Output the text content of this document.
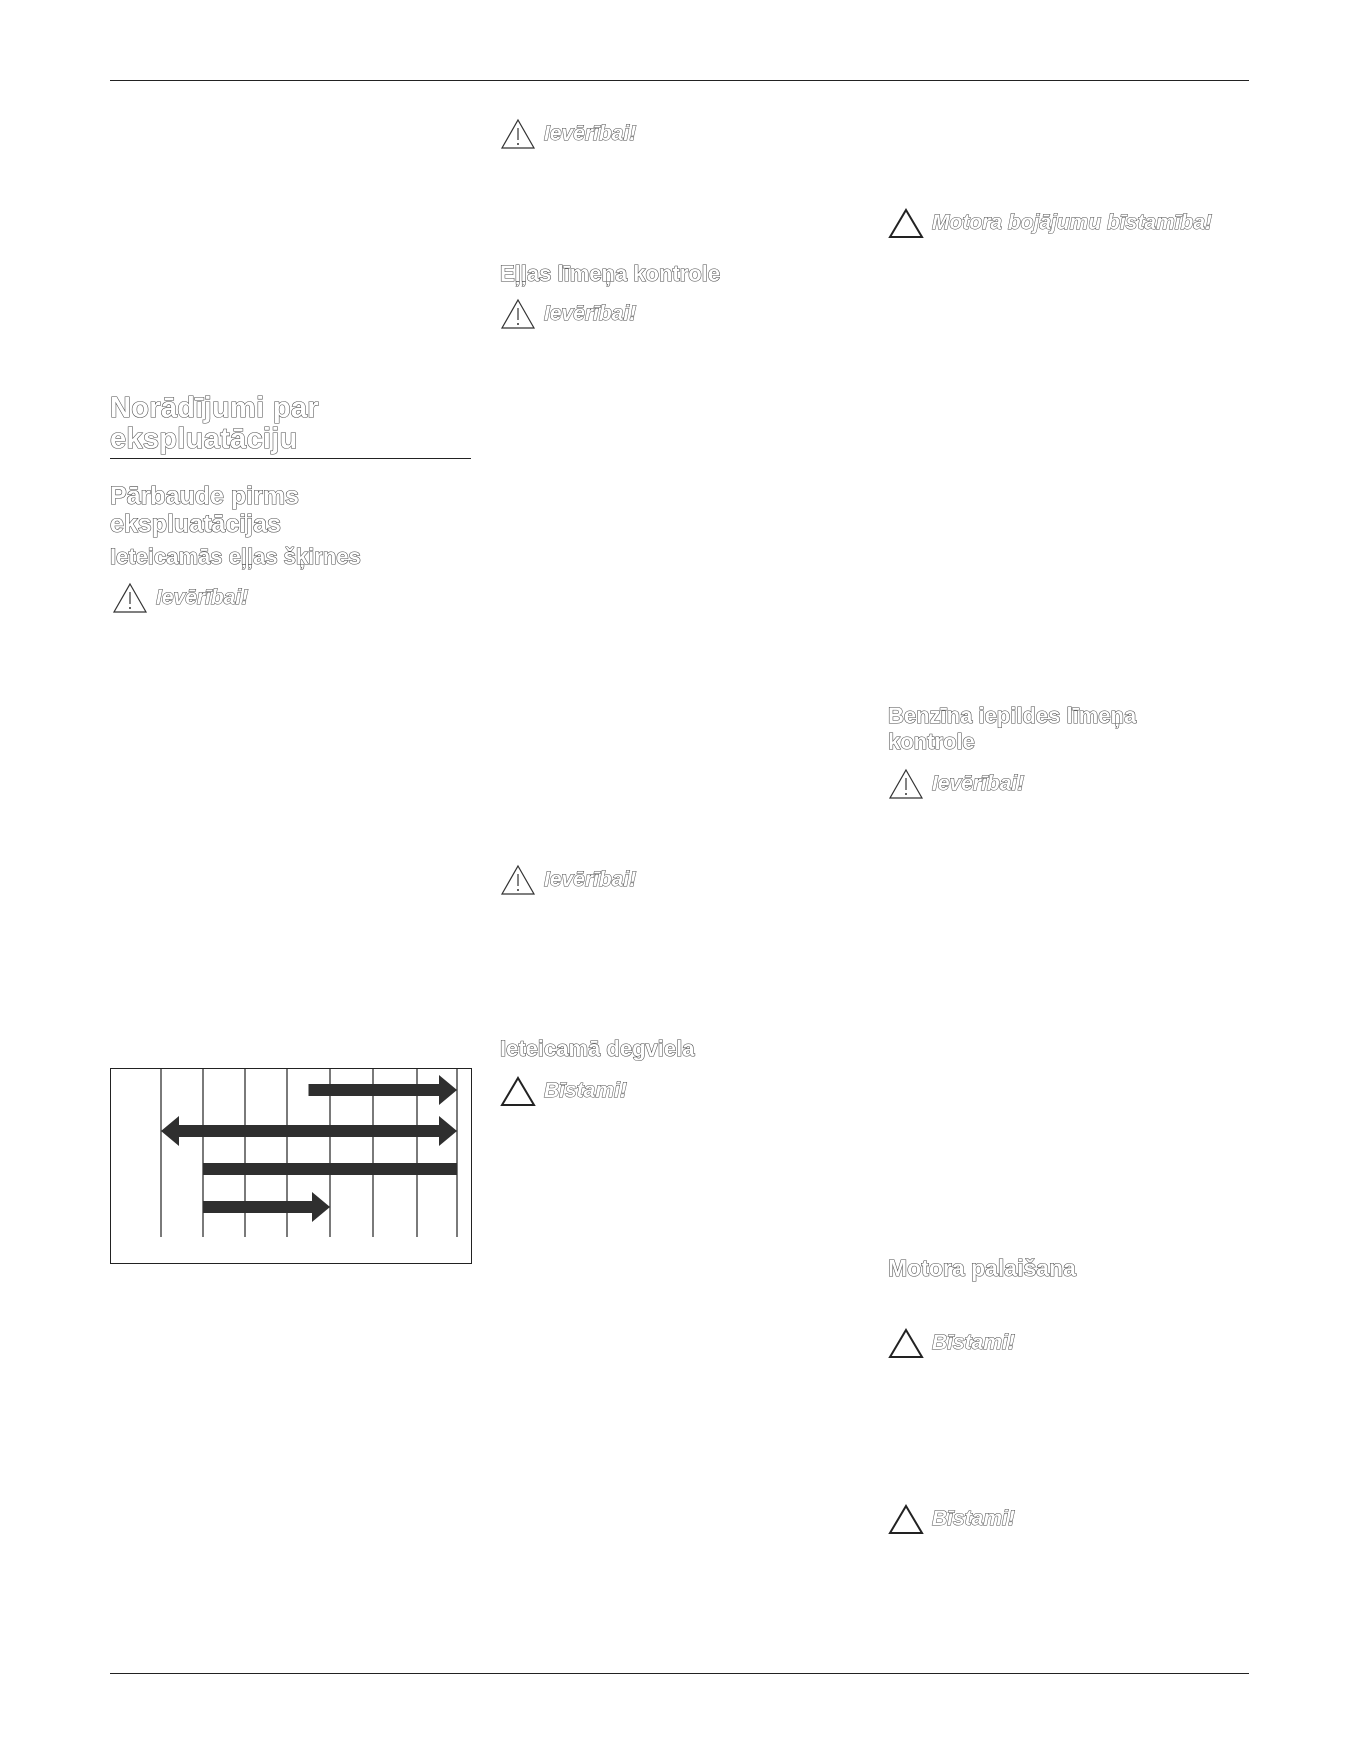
Norādījumi par

ekspluatāciju

Pārbaude pirms

ekspluatācijas

Ieteicamās eļļas šķirnes

Ievērībai!
Ievērībai!

Eļļas līmeņa kontrole

Ievērībai!
Ievērībai!

Ieteicamā degviela

Bīstami!
Motora bojājumu bīstamība!

Benzīna iepildes līmeņa

kontrole

Ievērībai!

Motora palaišana

Bīstami!
Bīstami!
